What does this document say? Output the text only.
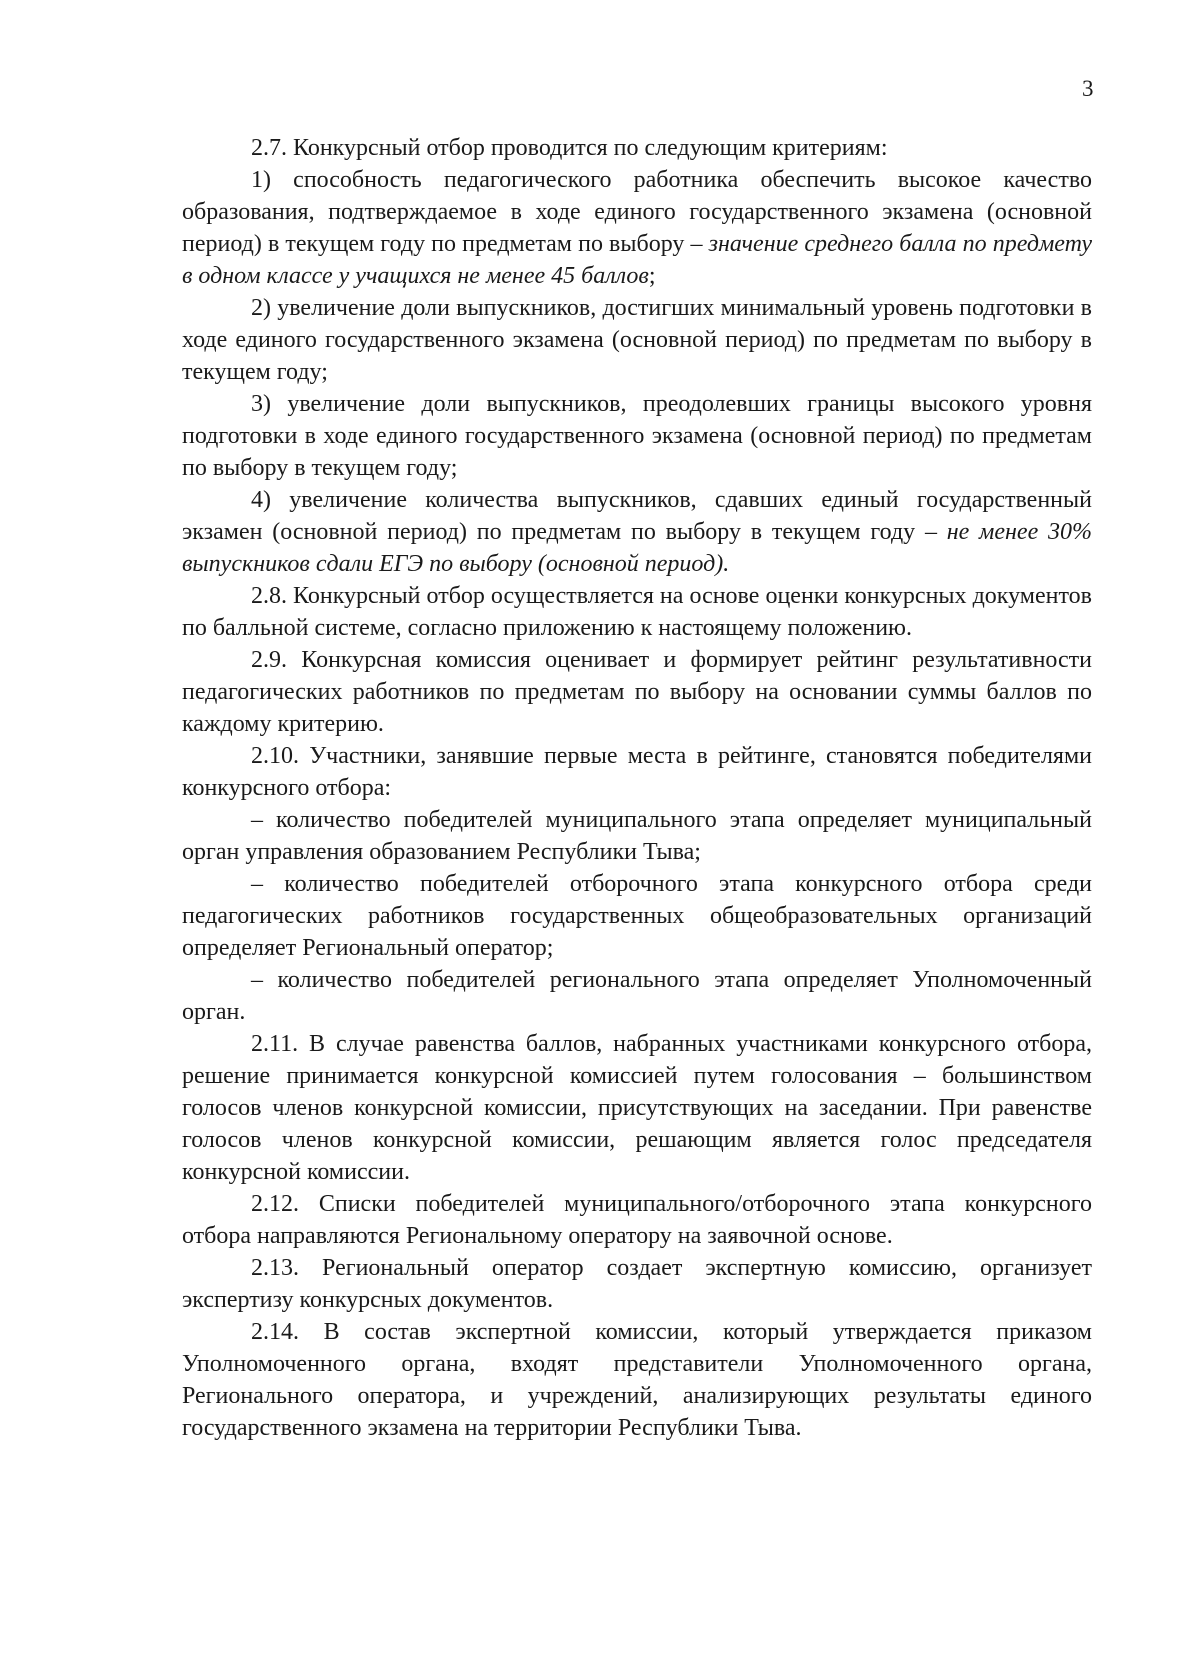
3

2.7. Конкурсный отбор проводится по следующим критериям:

1) способность педагогического работника обеспечить высокое качество образования, подтверждаемое в ходе единого государственного экзамена (основной период) в текущем году по предметам по выбору – значение среднего балла по предмету в одном классе у учащихся не менее 45 баллов;

2) увеличение доли выпускников, достигших минимальный уровень подготовки в ходе единого государственного экзамена (основной период) по предметам по выбору в текущем году;

3) увеличение доли выпускников, преодолевших границы высокого уровня подготовки в ходе единого государственного экзамена (основной период) по предметам по выбору в текущем году;

4) увеличение количества выпускников, сдавших единый государственный экзамен (основной период) по предметам по выбору в текущем году – не менее 30% выпускников сдали ЕГЭ по выбору (основной период).

2.8. Конкурсный отбор осуществляется на основе оценки конкурсных документов по балльной системе, согласно приложению к настоящему положению.

2.9. Конкурсная комиссия оценивает и формирует рейтинг результативности педагогических работников по предметам по выбору на основании суммы баллов по каждому критерию.

2.10. Участники, занявшие первые места в рейтинге, становятся победителями конкурсного отбора:

– количество победителей муниципального этапа определяет муниципальный орган управления образованием Республики Тыва;

– количество победителей отборочного этапа конкурсного отбора среди педагогических работников государственных общеобразовательных организаций определяет Региональный оператор;

– количество победителей регионального этапа определяет Уполномоченный орган.

2.11. В случае равенства баллов, набранных участниками конкурсного отбора, решение принимается конкурсной комиссией путем голосования – большинством голосов членов конкурсной комиссии, присутствующих на заседании. При равенстве голосов членов конкурсной комиссии, решающим является голос председателя конкурсной комиссии.

2.12. Списки победителей муниципального/отборочного этапа конкурсного отбора направляются Региональному оператору на заявочной основе.

2.13. Региональный оператор создает экспертную комиссию, организует экспертизу конкурсных документов.

2.14. В состав экспертной комиссии, который утверждается приказом Уполномоченного органа, входят представители Уполномоченного органа, Регионального оператора, и учреждений, анализирующих результаты единого государственного экзамена на территории Республики Тыва.
